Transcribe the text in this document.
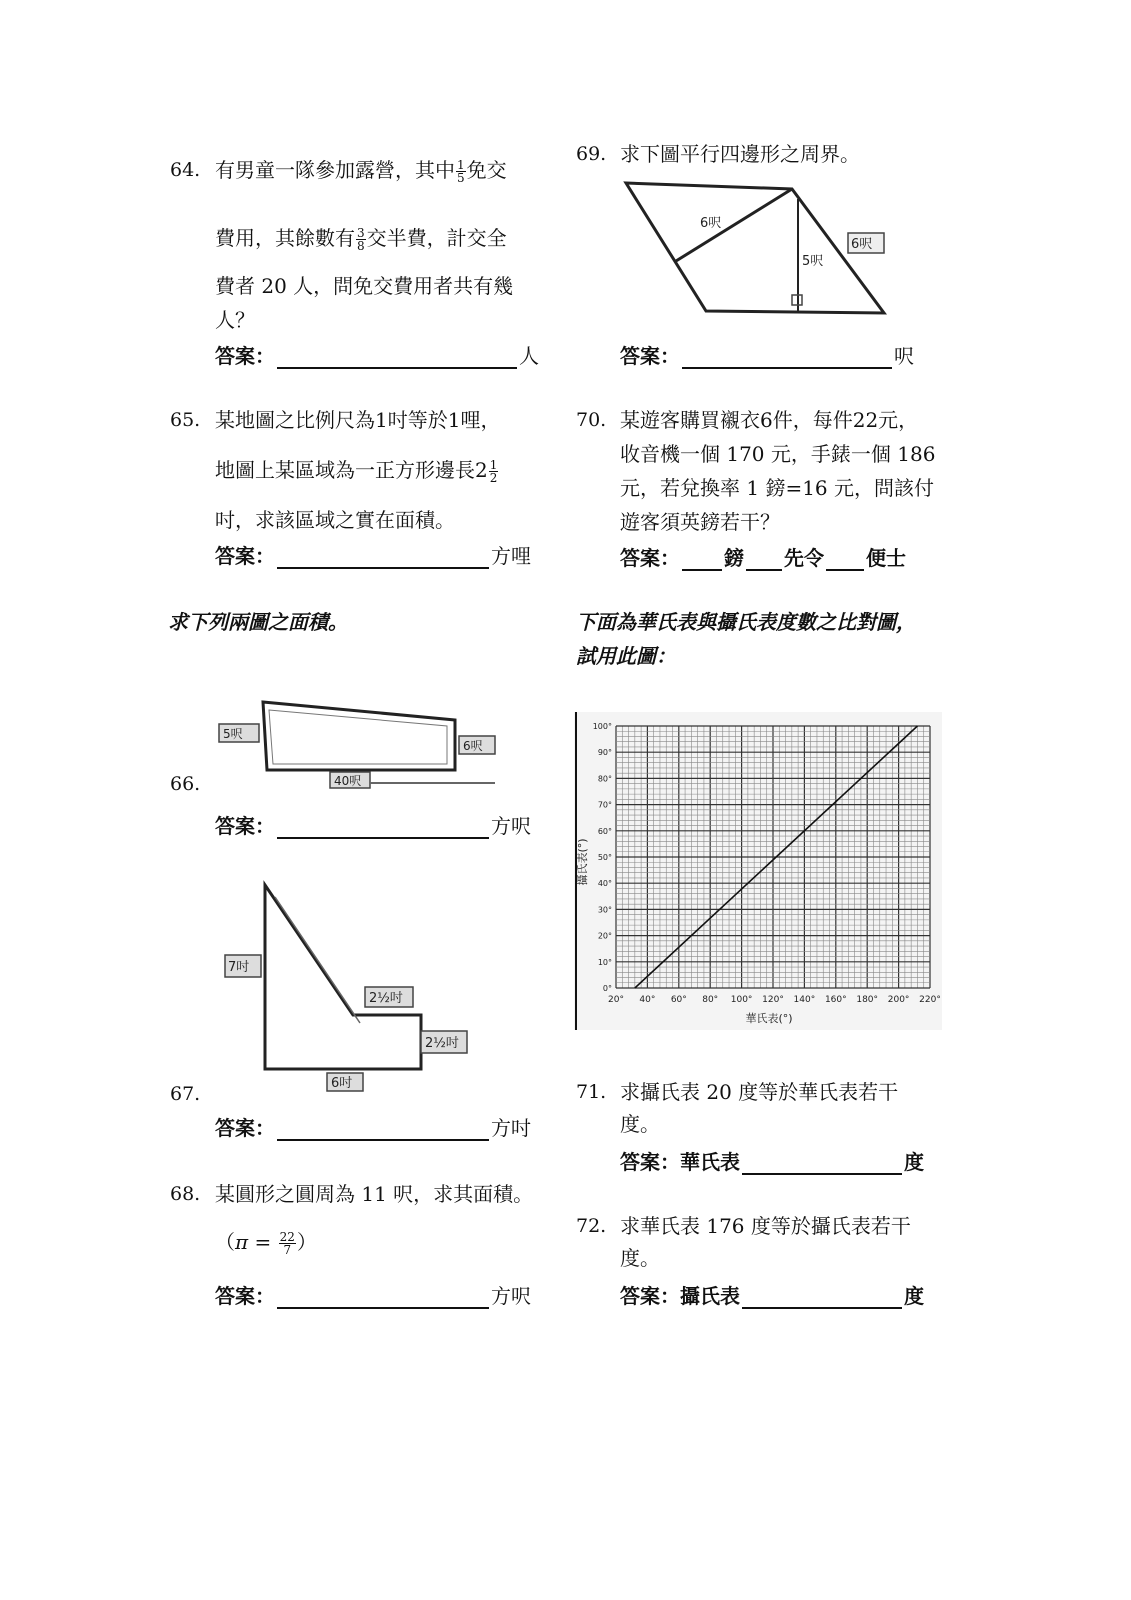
64. 有男童一隊參加露營，其中 $\frac{1}{5}$ 免交
費用，其餘數有 $\frac{3}{8}$ 交半費，計交全
費者 20 人，問免交費用者共有幾
人？
答案：	人
65. 某地圖之比例尺為1吋等於1哩，
地圖上某區域為一正方形邊長$2 \frac{1}{2}$
吋，求該區域之實在面積。
答案：	方哩
求下列兩圖之面積。
5呎
6呎
40呎
66.
答案：	方呎
7吋
2½吋
2½吋
6吋
67.
答案：	方吋
68. 某圓形之圓周為 11 呎，求其面積。
（$\pi = \frac{22}{7}$ ）
答案：	方呎
69. 求下圖平行四邊形之周界。
6呎
5呎
6呎
答案：	呎
70. 某遊客購買襯衣6件，每件22元，
收音機一個 170 元，手錶一個 186
元，若兌換率 1 鎊=16 元，問該付
遊客須英鎊若干？
答案： 鎊 先令 便士
下面為華氏表與攝氏表度數之比對圖，
試用此圖：
20° 40° 60° 80° 100° 120° 140° 160° 180° 200° 220°
0°
10°
20°
30°
40°
50°
60°
70°
80°
90°
100°
華氏表(°)
攝氏表(°)
71. 求攝氏表 20 度等於華氏表若干
度。
答案：華氏表	度
72. 求華氏表 176 度等於攝氏表若干
度。
答案：攝氏表	度
